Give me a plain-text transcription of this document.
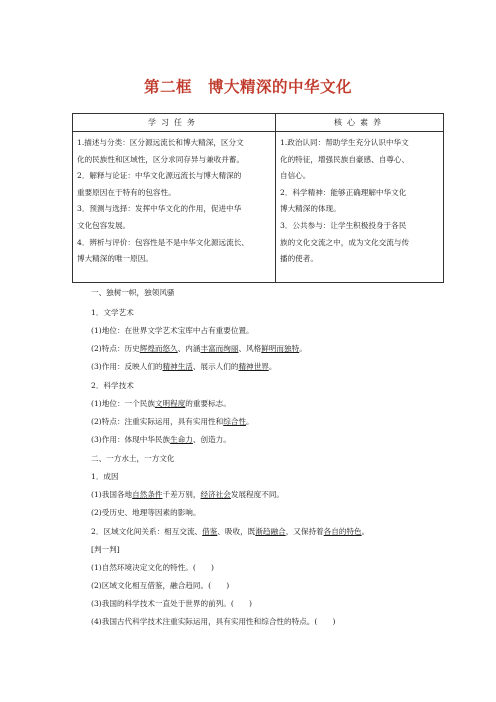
第二框　博大精深的中华文化
学习任务	核心素养
1.描述与分类：区分源远流长和博大精深，区分文
化的民族性和区域性，区分求同存异与兼收并蓄。
2．解释与论证：中华文化源远流长与博大精深的
重要原因在于特有的包容性。
3．预测与选择：发挥中华文化的作用，促进中华
文化包容发展。
4．辨析与评价：包容性是不是中华文化源远流长、
博大精深的唯一原因。
1.政治认同：帮助学生充分认识中华文
化的特征，增强民族自豪感、自尊心、
自信心。
2．科学精神：能够正确理解中华文化
博大精深的体现。
3．公共参与：让学生积极投身于各民
族的文化交流之中，成为文化交流与传
播的使者。
一、独树一帜，独领风骚
1．文学艺术
(1)地位：在世界文学艺术宝库中占有重要位置。
(2)特点：历史辉煌而悠久、内涵丰富而绚丽、风格鲜明而独特。
(3)作用：反映人们的精神生活、展示人们的精神世界。
2．科学技术
(1)地位：一个民族文明程度的重要标志。
(2)特点：注重实际运用，具有实用性和综合性。
(3)作用：体现中华民族生命力、创造力。
二、一方水土，一方文化
1．成因
(1)我国各地自然条件千差万别，经济社会发展程度不同。
(2)受历史、地理等因素的影响。
2．区域文化间关系：相互交流、借鉴、吸收，既渐趋融合，又保持着各自的特色。
[判一判]
(1)自然环境决定文化的特性。(　　)
(2)区域文化相互借鉴，融合趋同。(　　)
(3)我国的科学技术一直处于世界的前列。(　　)
(4)我国古代科学技术注重实际运用，具有实用性和综合性的特点。(　　)
